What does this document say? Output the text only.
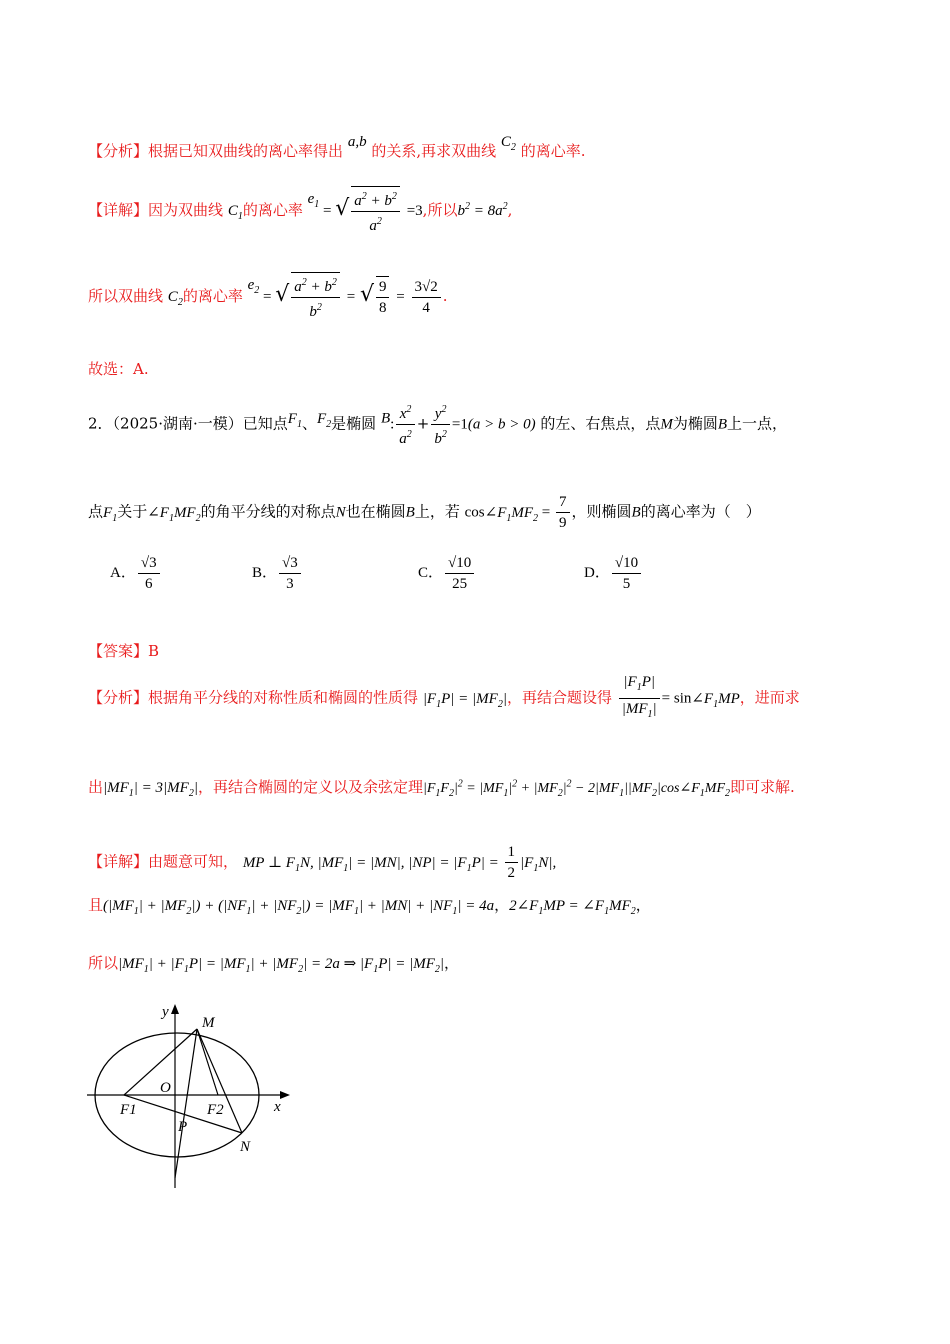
【分析】根据已知双曲线的离心率得出 a,b 的关系,再求双曲线 $C_2$ 的离心率.
【详解】因为双曲线 $C_1$的离心率 $e_1$ = √ $\frac{a^2 + b^2}{a^2} =3$,所以$b^2 = 8a^2$,
所以双曲线 $C_2$的离心率 $e_2$ = √ $\frac{a^2 + b^2}{b^2}$ = √ $\frac{9}{8} = \frac{3√2}{4}$ .
故选：A.
2．（2025·湖南·一模）已知点$F_1$、$F_2$是椭圆 B: $\frac{x^2}{a^2} + \frac{y^2}{b^2} =1(a > b > 0)$ 的左、右焦点，点M为椭圆B上一点，
点$F_1$关于$\angle F_1MF_2$的角平分线的对称点N也在椭圆B上，若 $\cos\angle F_1MF_2 = \frac{7}{9}$ ，则椭圆B的离心率为（　）
A． $\frac{√3}{6}$	B． $\frac{√3}{3}$	C． $\frac{√10}{25}$	D． $\frac{√10}{5}$
【答案】B
【分析】根据角平分线的对称性质和椭圆的性质得 $|F_1P| = |MF_2|$，再结合题设得 $\frac{|F_1P|}{|MF_1|}$ = $\sin\angle F_1MP$，进而求
出$|MF_1| = 3|MF_2|$，再结合椭圆的定义以及余弦定理$|F_1F_2|^2 = |MF_1|^2 + |MF_2|^2$ − $2|MF_1||MF_2|\cos\angle F_1MF_2$即可求解.
【详解】由题意可知， MP ⊥ $F_1N$, $|MF_1| = |MN|$, $|NP| = |F_1P| = \frac{1}{2} |F_1N|$,
且$(|MF_1| + |MF_2|) + (|NF_1| + |NF_2|) = |MF_1| + |MN| + |NF_1| = 4a$，$2\angle F_1MP$ = $\angle F_1MF_2$，
所以$|MF_1| + |F_1P| = |MF_1| + |MF_2| = 2a$ ⇒ $|F_1P| = |MF_2|$，
y
M
O
F1	F2	x
P
N
